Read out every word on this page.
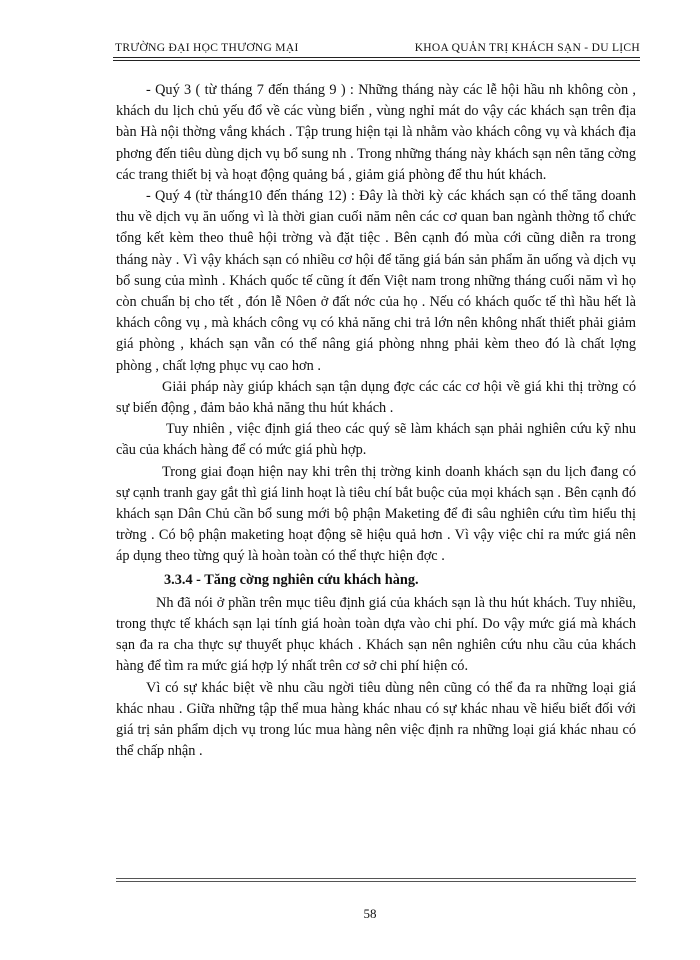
TRƯỜNG ĐẠI HỌC THƯƠNG MẠI	KHOA QUẢN TRỊ KHÁCH SẠN - DU LỊCH

- Quý 3 ( từ tháng 7 đến tháng 9 ) : Những tháng này các lễ hội hầu nh không còn , khách du lịch chủ yếu đổ về các vùng biển , vùng nghỉ mát do vậy các khách sạn trên địa bàn Hà nội thờng vắng khách . Tập trung hiện tại là nhằm vào khách công vụ và khách địa phơng đến tiêu dùng dịch vụ bổ sung nh . Trong những tháng này khách sạn nên tăng cờng các trang thiết bị và hoạt động quảng bá , giảm giá phòng để thu hút khách.

- Quý 4 (từ tháng10 đến tháng 12) : Đây là thời kỳ các khách sạn có thể tăng doanh thu về dịch vụ ăn uống vì là thời gian cuối năm nên các cơ quan ban ngành thờng tổ chức tổng kết kèm theo thuê hội trờng và đặt tiệc . Bên cạnh đó mùa cới cũng diễn ra trong tháng này . Vì vậy khách sạn có nhiều cơ hội để tăng giá bán sản phẩm ăn uống và dịch vụ bổ sung của mình . Khách quốc tế cũng ít đến Việt nam trong những tháng cuối năm vì họ còn chuẩn bị cho tết , đón lễ Nôen ở đất nớc của họ . Nếu có khách quốc tế thì hầu hết là khách công vụ , mà khách công vụ có khả năng chi trả lớn nên không nhất thiết phải giảm giá phòng , khách sạn vẫn có thể nâng giá phòng nhng phải kèm theo đó là chất lợng phòng , chất lợng phục vụ cao hơn .

Giải pháp này giúp khách sạn tận dụng đợc các các cơ hội về giá khi thị trờng có sự biến động , đảm bảo khả năng thu hút khách .

Tuy nhiên , việc định giá theo các quý sẽ làm khách sạn phải nghiên cứu kỹ nhu cầu của khách hàng để có mức giá phù hợp.

Trong giai đoạn hiện nay khi trên thị trờng kinh doanh khách sạn du lịch đang có sự cạnh tranh gay gắt thì giá linh hoạt là tiêu chí bắt buộc của mọi khách sạn . Bên cạnh đó khách sạn Dân Chủ cần bổ sung mới bộ phận Maketing để đi sâu nghiên cứu tìm hiểu thị trờng . Có bộ phận maketing hoạt động sẽ hiệu quả hơn . Vì vậy việc chỉ ra mức giá nên áp dụng theo từng quý là hoàn toàn có thể thực hiện đợc .

3.3.4 - Tăng cờng nghiên cứu khách hàng.

Nh đã nói ở phần trên mục tiêu định giá của khách sạn là thu hút khách. Tuy nhiều, trong thực tế khách sạn lại tính giá hoàn toàn dựa vào chi phí. Do vậy mức giá mà khách sạn đa ra cha thực sự thuyết phục khách . Khách sạn nên nghiên cứu nhu cầu của khách hàng để tìm ra mức giá hợp lý nhất trên cơ sở chi phí hiện có.

Vì có sự khác biệt về nhu cầu ngời tiêu dùng nên cũng có thể đa ra những loại giá khác nhau . Giữa những tập thể mua hàng khác nhau có sự khác nhau về hiểu biết đối với giá trị sản phẩm dịch vụ trong lúc mua hàng nên việc định ra những loại giá khác nhau có thể chấp nhận .

58
